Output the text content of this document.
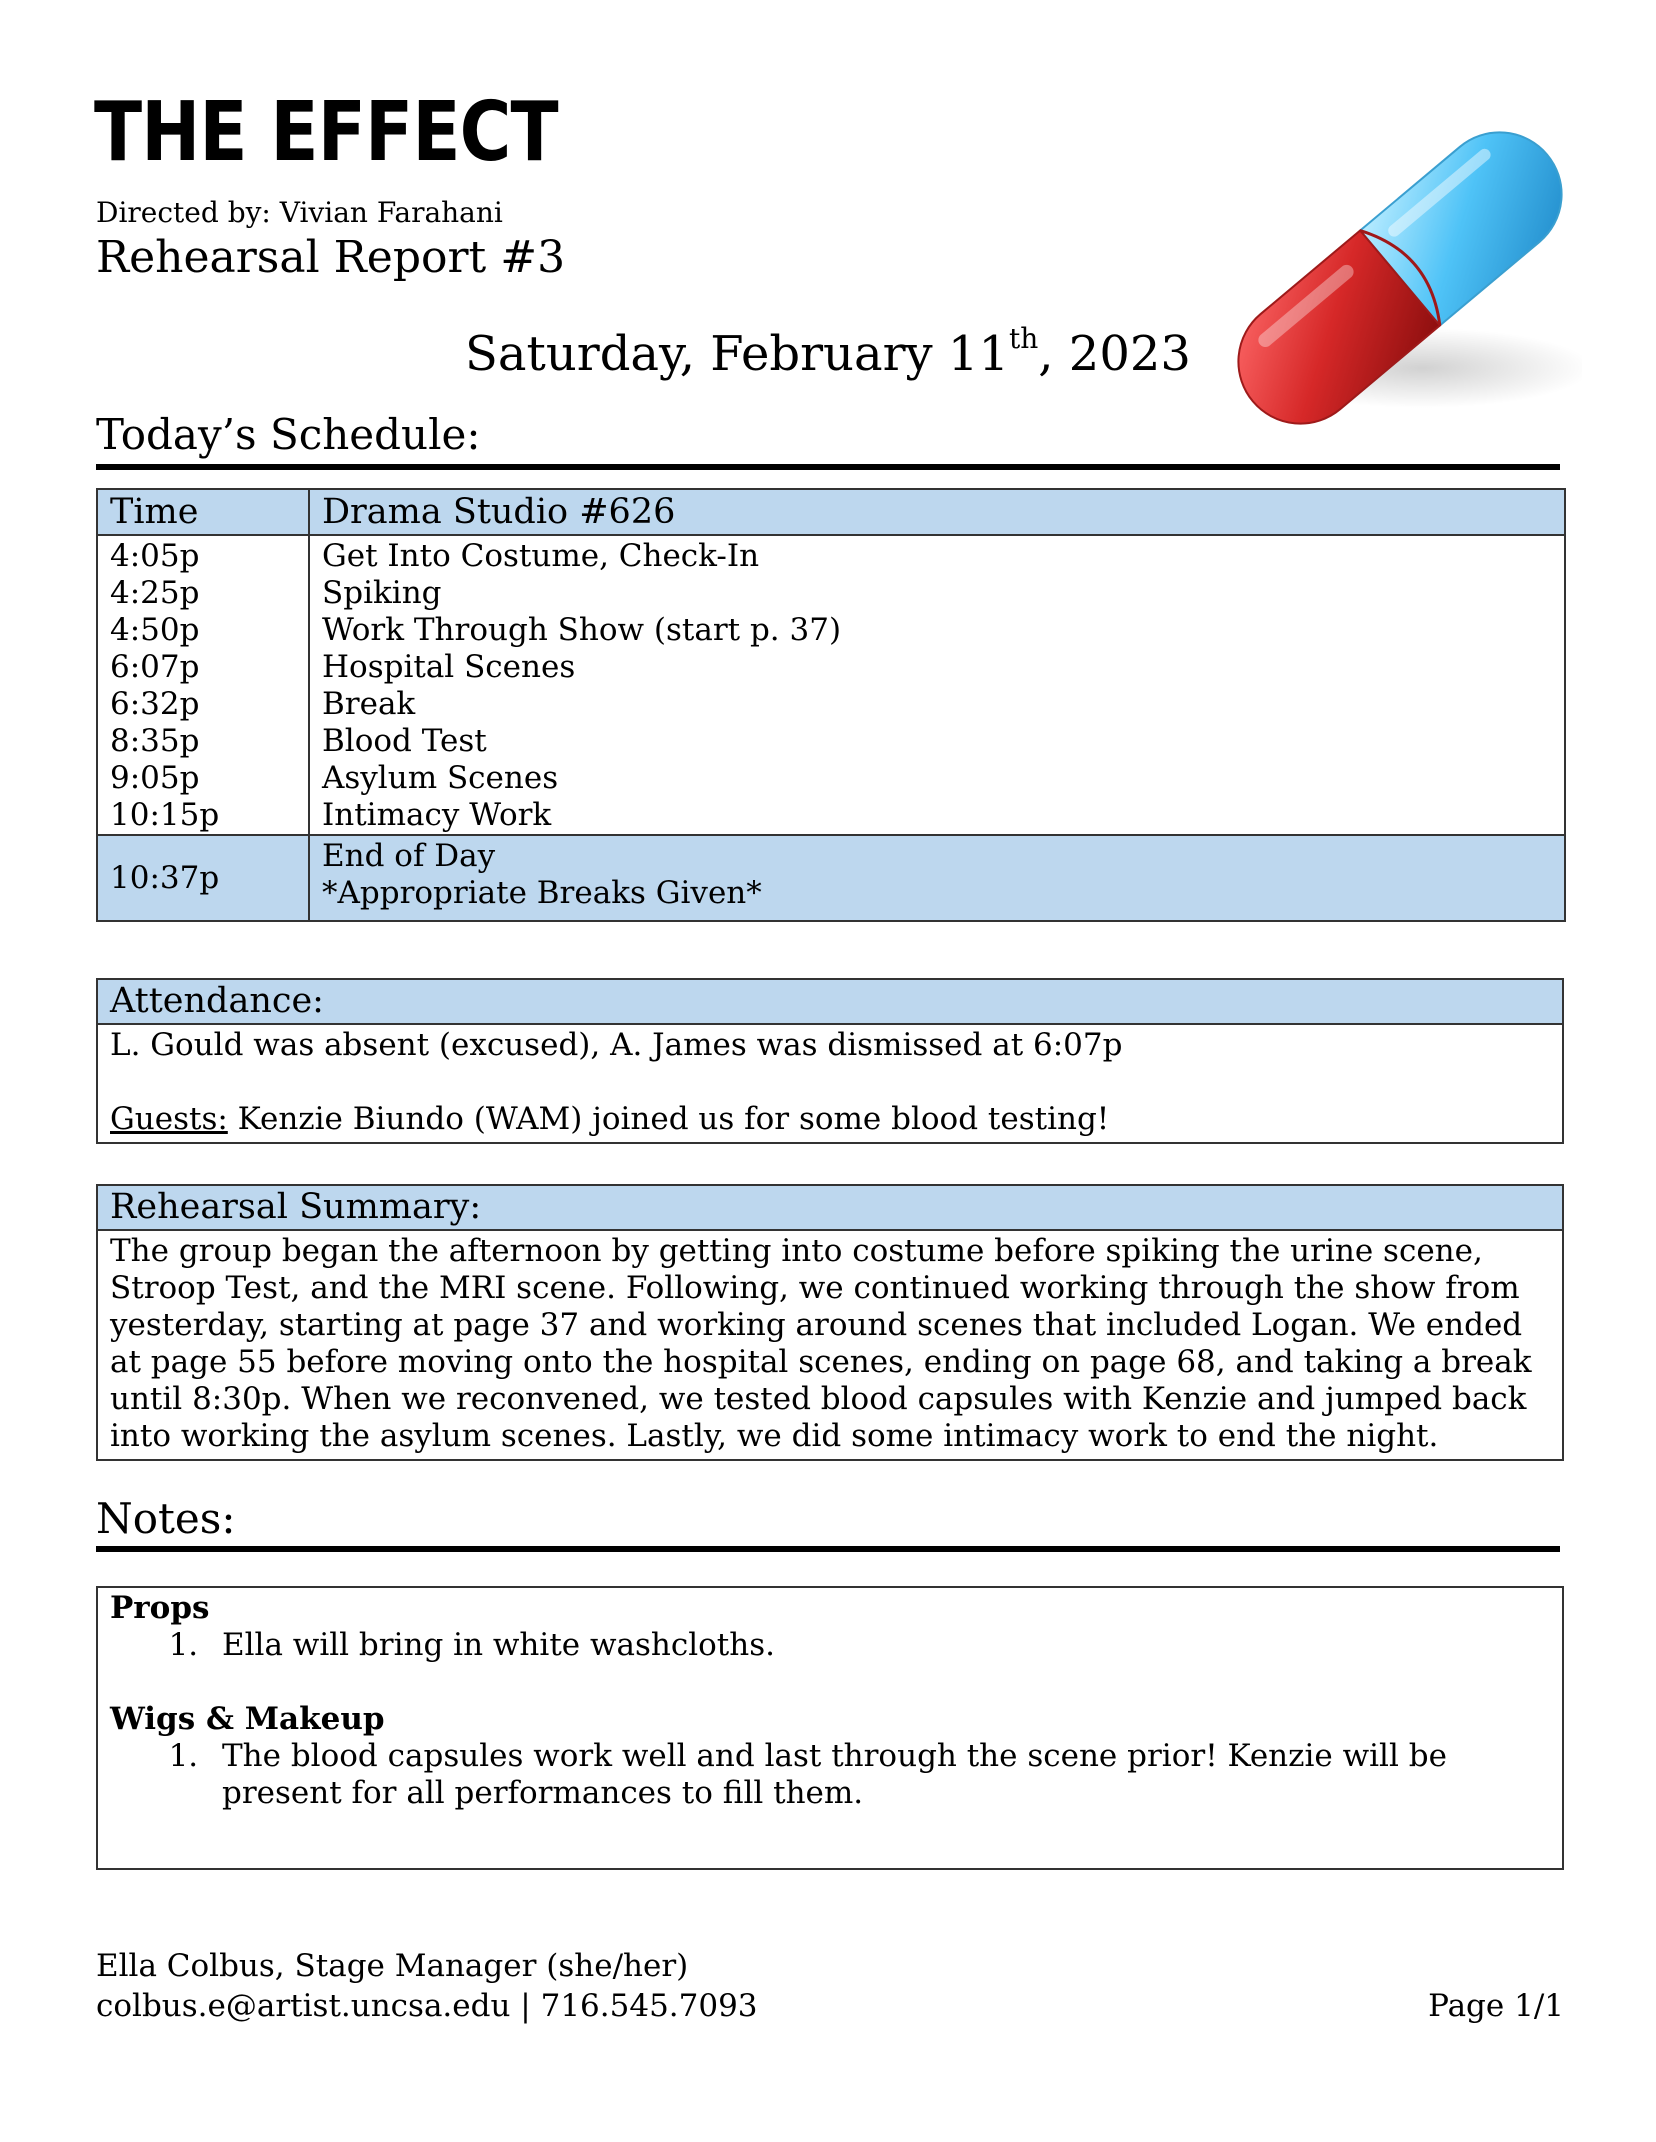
THE EFFECT
Directed by: Vivian Farahani
Rehearsal Report #3
Saturday, February 11th, 2023
Today’s Schedule:
Time	Drama Studio #626
4:05p	Get Into Costume, Check-In
4:25p	Spiking
4:50p	Work Through Show (start p. 37)
6:07p	Hospital Scenes
6:32p	Break
8:35p	Blood Test
9:05p	Asylum Scenes
10:15p	Intimacy Work
10:37p	End of Day
*Appropriate Breaks Given*
Attendance:
L. Gould was absent (excused), A. James was dismissed at 6:07p
Guests: Kenzie Biundo (WAM) joined us for some blood testing!
Rehearsal Summary:
The group began the afternoon by getting into costume before spiking the urine scene, Stroop Test, and the MRI scene. Following, we continued working through the show from yesterday, starting at page 37 and working around scenes that included Logan. We ended at page 55 before moving onto the hospital scenes, ending on page 68, and taking a break until 8:30p. When we reconvened, we tested blood capsules with Kenzie and jumped back into working the asylum scenes. Lastly, we did some intimacy work to end the night.
Notes:
Props
1. Ella will bring in white washcloths.
Wigs & Makeup
1. The blood capsules work well and last through the scene prior! Kenzie will be present for all performances to fill them.
Ella Colbus, Stage Manager (she/her)
colbus.e@artist.uncsa.edu | 716.545.7093	Page 1/1
